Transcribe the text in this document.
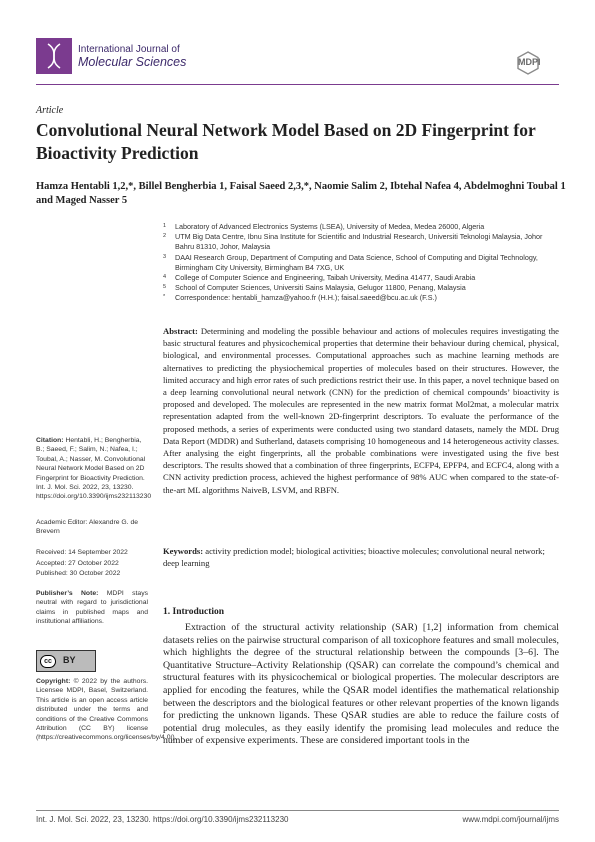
International Journal of
Molecular Sciences	MDPI
Article
Convolutional Neural Network Model Based on 2D Fingerprint for Bioactivity Prediction
Hamza Hentabli 1,2,*, Billel Bengherbia 1, Faisal Saeed 2,3,*, Naomie Salim 2, Ibtehal Nafea 4, Abdelmoghni Toubal 1 and Maged Nasser 5
1 Laboratory of Advanced Electronics Systems (LSEA), University of Medea, Medea 26000, Algeria
2 UTM Big Data Centre, Ibnu Sina Institute for Scientific and Industrial Research, Universiti Teknologi Malaysia, Johor Bahru 81310, Johor, Malaysia
3 DAAI Research Group, Department of Computing and Data Science, School of Computing and Digital Technology, Birmingham City University, Birmingham B4 7XG, UK
4 College of Computer Science and Engineering, Taibah University, Medina 41477, Saudi Arabia
5 School of Computer Sciences, Universiti Sains Malaysia, Gelugor 11800, Penang, Malaysia
* Correspondence: hentabli_hamza@yahoo.fr (H.H.); faisal.saeed@bcu.ac.uk (F.S.)
Abstract: Determining and modeling the possible behaviour and actions of molecules requires investigating the basic structural features and physicochemical properties that determine their behaviour during chemical, physical, biological, and environmental processes. Computational approaches such as machine learning methods are alternatives to predicting the physiochemical properties of molecules based on their structures. However, the limited accuracy and high error rates of such predictions restrict their use. In this paper, a novel technique based on a deep learning convolutional neural network (CNN) for the prediction of chemical compounds’ bioactivity is proposed and developed. The molecules are represented in the new matrix format Mol2mat, a molecular matrix representation adapted from the well-known 2D-fingerprint descriptors. To evaluate the performance of the proposed methods, a series of experiments were conducted using two standard datasets, namely the MDL Drug Data Report (MDDR) and Sutherland, datasets comprising 10 homogeneous and 14 heterogeneous activity classes. After analysing the eight fingerprints, all the probable combinations were investigated using the five best descriptors. The results showed that a combination of three fingerprints, ECFP4, EPFP4, and ECFC4, along with a CNN activity prediction process, achieved the highest performance of 98% AUC when compared to the state-of-the-art ML algorithms NaiveB, LSVM, and RBFN.
Keywords: activity prediction model; biological activities; bioactive molecules; convolutional neural network; deep learning
Citation: Hentabli, H.; Bengherbia, B.; Saeed, F.; Salim, N.; Nafea, I.; Toubal, A.; Nasser, M. Convolutional Neural Network Model Based on 2D Fingerprint for Bioactivity Prediction. Int. J. Mol. Sci. 2022, 23, 13230. https://doi.org/10.3390/ijms232113230
Academic Editor: Alexandre G. de Brevern
Received: 14 September 2022
Accepted: 27 October 2022
Published: 30 October 2022
Publisher’s Note: MDPI stays neutral with regard to jurisdictional claims in published maps and institutional affiliations.
cc	BY
Copyright: © 2022 by the authors. Licensee MDPI, Basel, Switzerland. This article is an open access article distributed under the terms and conditions of the Creative Commons Attribution (CC BY) license (https://creativecommons.org/licenses/by/4.0/).
1. Introduction
Extraction of the structural activity relationship (SAR) [1,2] information from chemical datasets relies on the pairwise structural comparison of all toxicophore features and small molecules, which highlights the degree of the structural relationship between the compounds [3–6]. The Quantitative Structure–Activity Relationship (QSAR) can correlate the compound’s chemical and structural features with its physicochemical or biological properties. The molecular descriptors are applied for encoding the features, while the QSAR model identifies the mathematical relationship between the descriptors and the biological features or other relevant properties of the known ligands for predicting the unknown ligands. These QSAR studies are able to reduce the failure costs of potential drug molecules, as they easily identify the promising lead molecules and reduce the number of expensive experiments. These are considered important tools in the
Int. J. Mol. Sci. 2022, 23, 13230. https://doi.org/10.3390/ijms232113230	www.mdpi.com/journal/ijms
